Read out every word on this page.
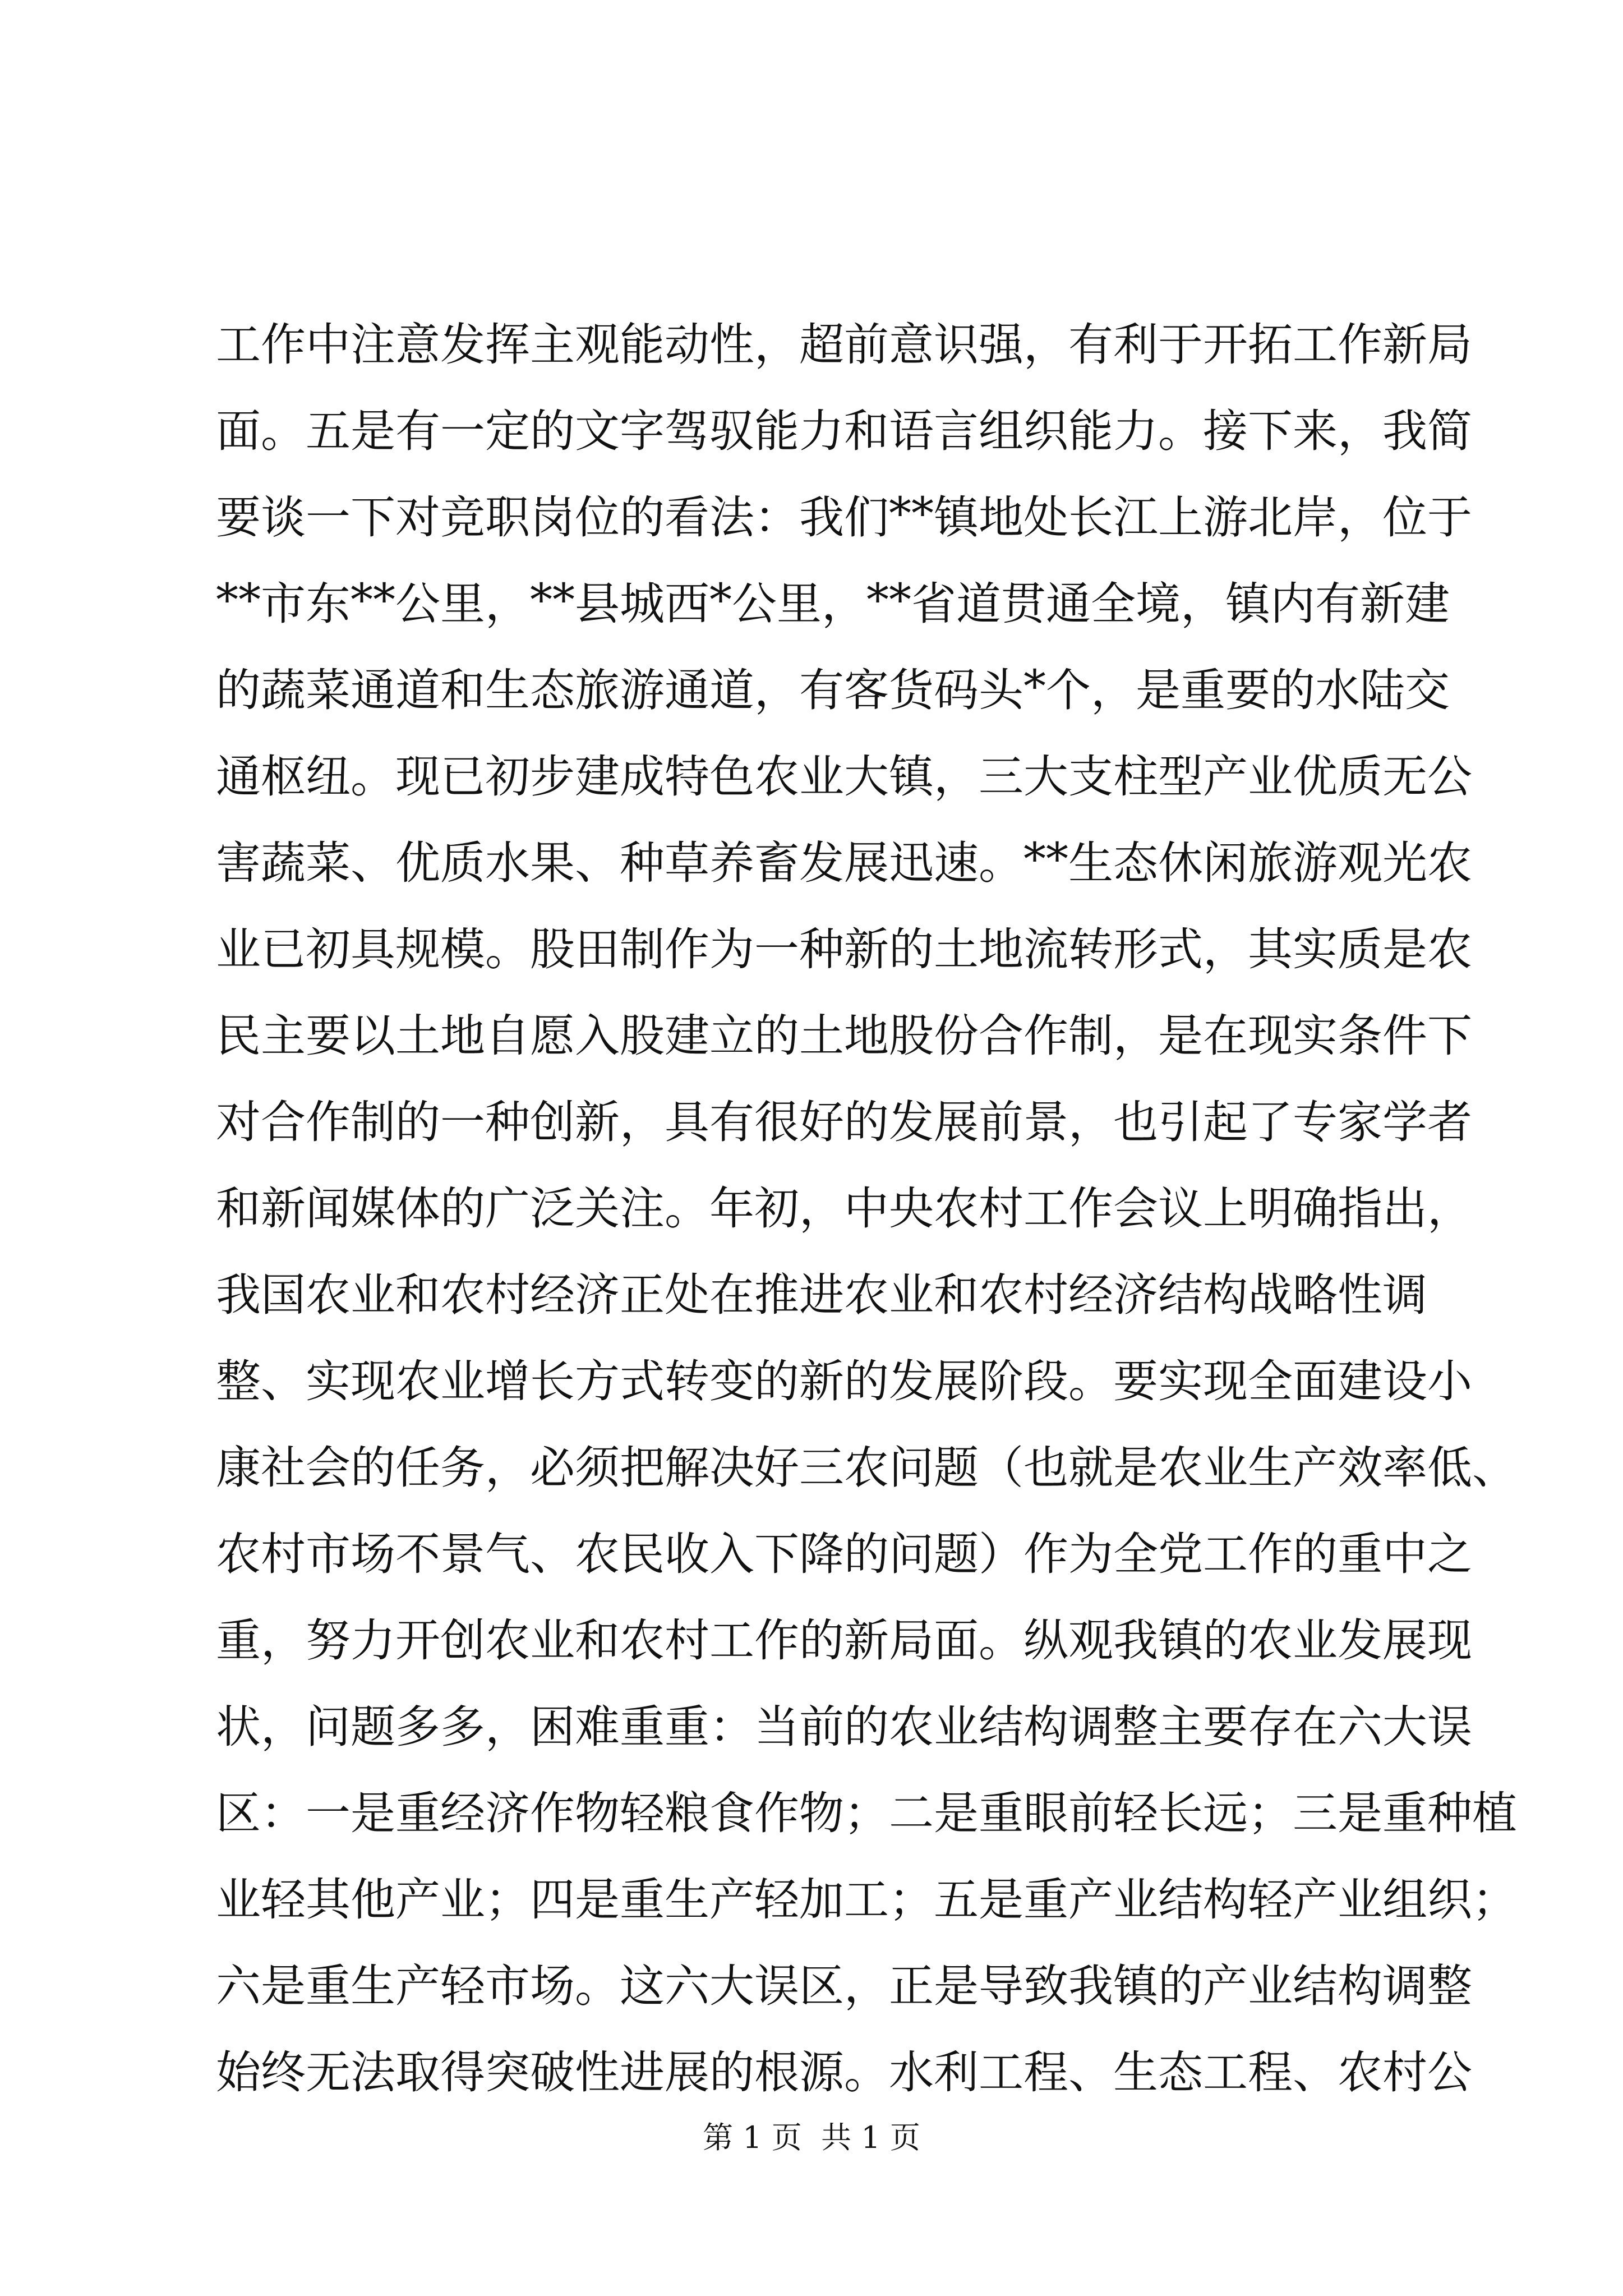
工 作 中 注 意 发 挥 主 观 能 动 性 ， 超 前 意 识 强 ， 有 利 于 开 拓 工 作 新 局
面 。 五 是 有 一 定 的 文 字 驾 驭 能 力 和 语 言 组 织 能 力 。 接 下 来 ， 我 简
要 谈 一 下 对 竞 职 岗 位 的 看 法 ： 我 们 * * 镇 地 处 长 江 上 游 北 岸 ， 位 于
* * 市 东 * * 公 里 ， * * 县 城 西 * 公 里 ， * * 省 道 贯 通 全 境 ， 镇 内 有 新 建
的 蔬 菜 通 道 和 生 态 旅 游 通 道 ， 有 客 货 码 头 * 个 ， 是 重 要 的 水 陆 交
通 枢 纽 。 现 已 初 步 建 成 特 色 农 业 大 镇 ， 三 大 支 柱 型 产 业 优 质 无 公
害 蔬 菜 、 优 质 水 果 、 种 草 养 畜 发 展 迅 速 。 * * 生 态 休 闲 旅 游 观 光 农
业 已 初 具 规 模 。 股 田 制 作 为 一 种 新 的 土 地 流 转 形 式 ， 其 实 质 是 农
民 主 要 以 土 地 自 愿 入 股 建 立 的 土 地 股 份 合 作 制 ， 是 在 现 实 条 件 下
对 合 作 制 的 一 种 创 新 ， 具 有 很 好 的 发 展 前 景 ， 也 引 起 了 专 家 学 者
和 新 闻 媒 体 的 广 泛 关 注 。 年 初 ， 中 央 农 村 工 作 会 议 上 明 确 指 出 ，
我 国 农 业 和 农 村 经 济 正 处 在 推 进 农 业 和 农 村 经 济 结 构 战 略 性 调
整 、 实 现 农 业 增 长 方 式 转 变 的 新 的 发 展 阶 段 。 要 实 现 全 面 建 设 小
康 社 会 的 任 务 ， 必 须 把 解 决 好 三 农 问 题 （ 也 就 是 农 业 生 产 效 率 低 、
农 村 市 场 不 景 气 、 农 民 收 入 下 降 的 问 题 ） 作 为 全 党 工 作 的 重 中 之
重 ， 努 力 开 创 农 业 和 农 村 工 作 的 新 局 面 。 纵 观 我 镇 的 农 业 发 展 现
状 ， 问 题 多 多 ， 困 难 重 重 ： 当 前 的 农 业 结 构 调 整 主 要 存 在 六 大 误
区 ： 一 是 重 经 济 作 物 轻 粮 食 作 物 ； 二 是 重 眼 前 轻 长 远 ； 三 是 重 种 植
业 轻 其 他 产 业 ； 四 是 重 生 产 轻 加 工 ； 五 是 重 产 业 结 构 轻 产 业 组 织 ；
六 是 重 生 产 轻 市 场 。 这 六 大 误 区 ， 正 是 导 致 我 镇 的 产 业 结 构 调 整
始 终 无 法 取 得 突 破 性 进 展 的 根 源 。 水 利 工 程 、 生 态 工 程 、 农 村 公
第 1 页  共 1 页
